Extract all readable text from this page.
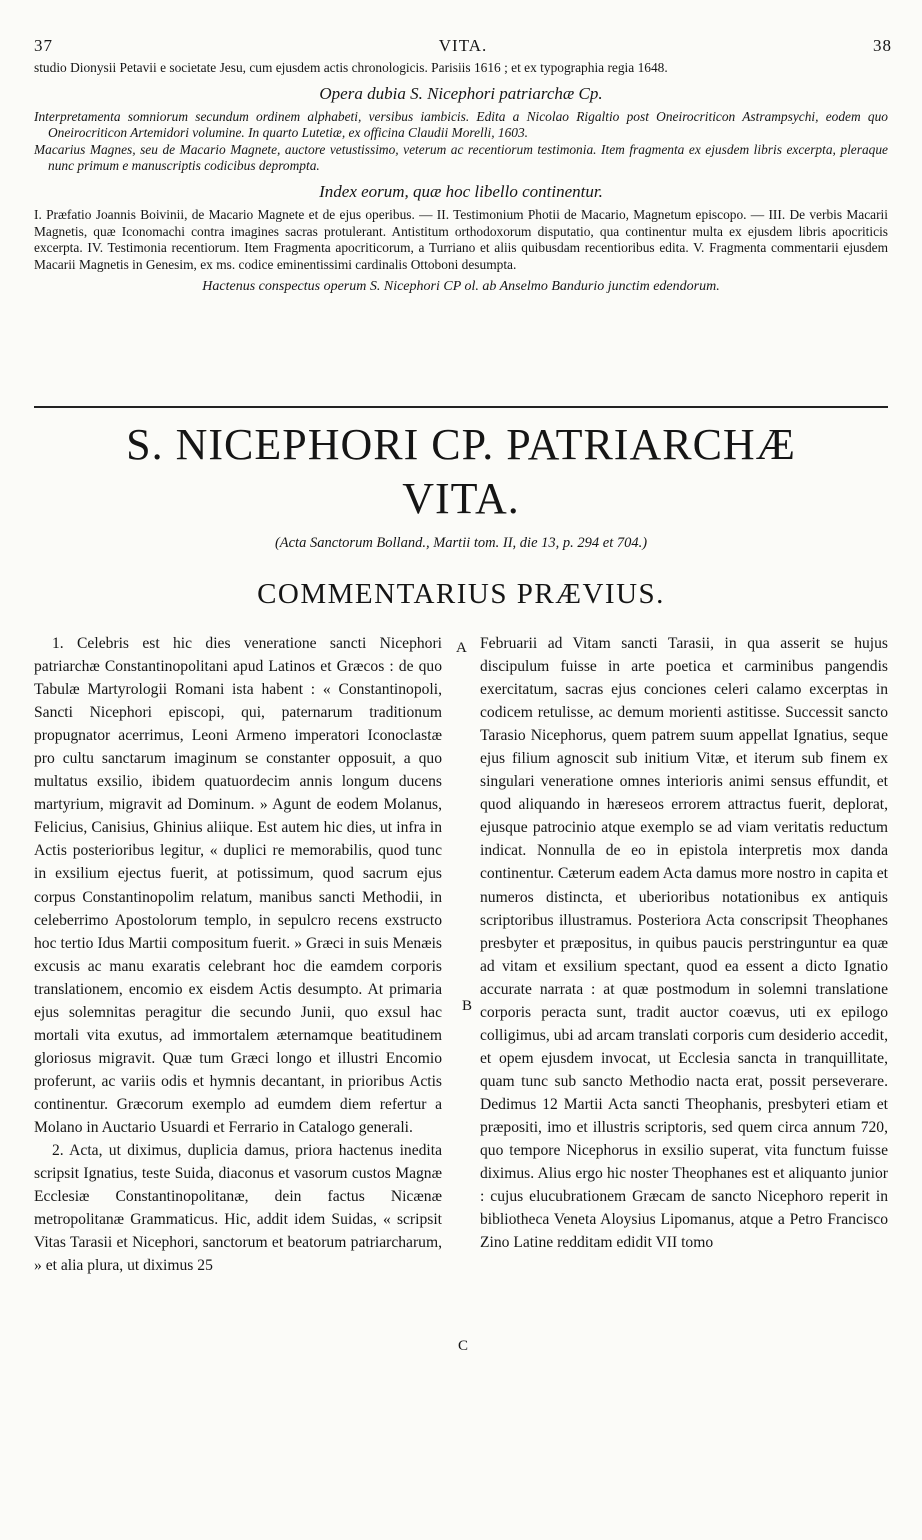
37	VITA.	38

studio Dionysii Petavii e societate Jesu, cum ejusdem actis chronologicis. Parisiis 1616 ; et ex typographia regia 1648.

Opera dubia S. Nicephori patriarchæ Cp.

Interpretamenta somniorum secundum ordinem alphabeti, versibus iambicis. Edita a Nicolao Rigaltio post Oneirocriticon Astrampsychi, eodem quo Oneirocriticon Artemidori volumine. In quarto Lutetiæ, ex officina Claudii Morelli, 1603.

Macarius Magnes, seu de Macario Magnete, auctore vetustissimo, veterum ac recentiorum testimonia. Item fragmenta ex ejusdem libris excerpta, pleraque nunc primum e manuscriptis codicibus deprompta.

Index eorum, quæ hoc libello continentur.

I. Præfatio Joannis Boivinii, de Macario Magnete et de ejus operibus. — II. Testimonium Photii de Macario, Magnetum episcopo. — III. De verbis Macarii Magnetis, quæ Iconomachi contra imagines sacras protulerant. Antistitum orthodoxorum disputatio, qua continentur multa ex ejusdem libris apocriticis excerpta. IV. Testimonia recentiorum. Item Fragmenta apocriticorum, a Turriano et aliis quibusdam recentioribus edita. V. Fragmenta commentarii ejusdem Macarii Magnetis in Genesim, ex ms. codice eminentissimi cardinalis Ottoboni desumpta.

Hactenus conspectus operum S. Nicephori CP ol. ab Anselmo Bandurio junctim edendorum.

S. NICEPHORI CP. PATRIARCHÆ
VITA.
(Acta Sanctorum Bolland., Martii tom. II, die 13, p. 294 et 704.)
COMMENTARIUS PRÆVIUS.

1. Celebris est hic dies veneratione sancti Nicephori patriarchæ Constantinopolitani apud Latinos et Græcos : de quo Tabulæ Martyrologii Romani ista habent : « Constantinopoli, Sancti Nicephori episcopi, qui, paternarum traditionum propugnator acerrimus, Leoni Armeno imperatori Iconoclastæ pro cultu sanctarum imaginum se constanter opposuit, a quo multatus exsilio, ibidem quatuordecim annis longum ducens martyrium, migravit ad Dominum. » Agunt de eodem Molanus, Felicius, Canisius, Ghinius aliique. Est autem hic dies, ut infra in Actis posterioribus legitur, « duplici re memorabilis, quod tunc in exsilium ejectus fuerit, at potissimum, quod sacrum ejus corpus Constantinopolim relatum, manibus sancti Methodii, in celeberrimo Apostolorum templo, in sepulcro recens exstructo hoc tertio Idus Martii compositum fuerit. » Græci in suis Menæis excusis ac manu exaratis celebrant hoc die eamdem corporis translationem, encomio ex eisdem Actis desumpto. At primaria ejus solemnitas peragitur die secundo Junii, quo exsul hac mortali vita exutus, ad immortalem æternamque beatitudinem gloriosus migravit. Quæ tum Græci longo et illustri Encomio proferunt, ac variis odis et hymnis decantant, in prioribus Actis continentur. Græcorum exemplo ad eumdem diem refertur a Molano in Auctario Usuardi et Ferrario in Catalogo generali.

2. Acta, ut diximus, duplicia damus, priora hactenus inedita scripsit Ignatius, teste Suida, diaconus et vasorum custos Magnæ Ecclesiæ Constantinopolitanæ, dein factus Nicænæ metropolitanæ Grammaticus. Hic, addit idem Suidas, « scripsit Vitas Tarasii et Nicephori, sanctorum et beatorum patriarcharum, » et alia plura, ut diximus 25

Februarii ad Vitam sancti Tarasii, in qua asserit se hujus discipulum fuisse in arte poetica et carminibus pangendis exercitatum, sacras ejus conciones celeri calamo excerptas in codicem retulisse, ac demum morienti astitisse. Successit sancto Tarasio Nicephorus, quem patrem suum appellat Ignatius, seque ejus filium agnoscit sub initium Vitæ, et iterum sub finem ex singulari veneratione omnes interioris animi sensus effundit, et quod aliquando in hæreseos errorem attractus fuerit, deplorat, ejusque patrocinio atque exemplo se ad viam veritatis reductum indicat. Nonnulla de eo in epistola interpretis mox danda continentur. Cæterum eadem Acta damus more nostro in capita et numeros distincta, et uberioribus notationibus ex antiquis scriptoribus illustramus. Posteriora Acta conscripsit Theophanes presbyter et præpositus, in quibus paucis perstringuntur ea quæ ad vitam et exsilium spectant, quod ea essent a dicto Ignatio accurate narrata : at quæ postmodum in solemni translatione corporis peracta sunt, tradit auctor coævus, uti ex epilogo colligimus, ubi ad arcam translati corporis cum desiderio accedit, et opem ejusdem invocat, ut Ecclesia sancta in tranquillitate, quam tunc sub sancto Methodio nacta erat, possit perseverare. Dedimus 12 Martii Acta sancti Theophanis, presbyteri etiam et præpositi, imo et illustris scriptoris, sed quem circa annum 720, quo tempore Nicephorus in exsilio superat, vita functum fuisse diximus. Alius ergo hic noster Theophanes est et aliquanto junior : cujus elucubrationem Græcam de sancto Nicephoro reperit in bibliotheca Veneta Aloysius Lipomanus, atque a Petro Francisco Zino Latine redditam edidit VII tomo

A
B
C
